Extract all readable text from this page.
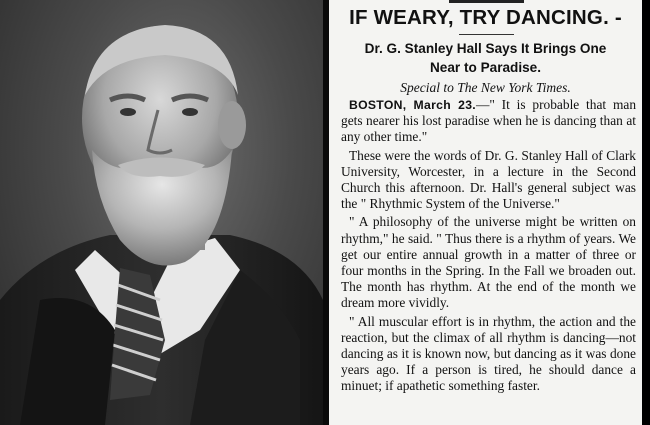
IF WEARY, TRY DANCING. -
Dr. G. Stanley Hall Says It Brings One
Near to Paradise.
Special to The New York Times.

BOSTON, March 23.—" It is probable that man gets nearer his lost paradise when he is dancing than at any other time."

These were the words of Dr. G. Stanley Hall of Clark University, Worcester, in a lecture in the Second Church this afternoon. Dr. Hall's general subject was the " Rhythmic System of the Universe."

" A philosophy of the universe might be written on rhythm," he said. " Thus there is a rhythm of years. We get our entire annual growth in a matter of three or four months in the Spring. In the Fall we broaden out. The month has rhythm. At the end of the month we dream more vividly.

" All muscular effort is in rhythm, the action and the reaction, but the climax of all rhythm is dancing—not dancing as it is known now, but dancing as it was done years ago. If a person is tired, he should dance a minuet; if apathetic something faster.
